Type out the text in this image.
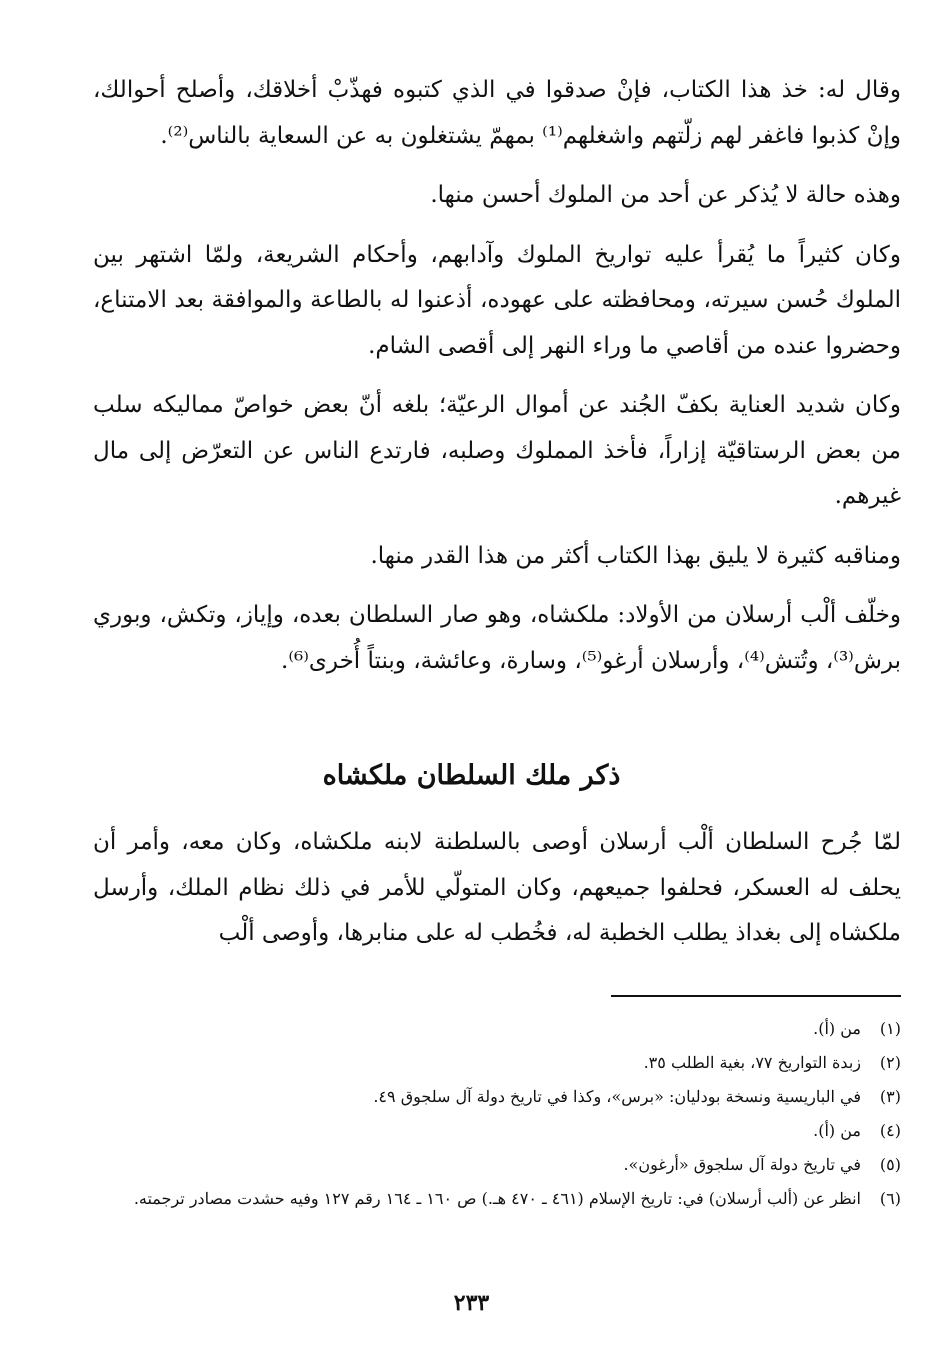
وقال له: خذ هذا الكتاب، فإنْ صدقوا في الذي كتبوه فهذّبْ أخلاقك، وأصلح أحوالك، وإنْ كذبوا فاغفر لهم زلّتهم واشغلهم⁽¹⁾ بمهمّ يشتغلون به عن السعاية بالناس⁽²⁾.

وهذه حالة لا يُذكر عن أحد من الملوك أحسن منها.

وكان كثيراً ما يُقرأ عليه تواريخ الملوك وآدابهم، وأحكام الشريعة، ولمّا اشتهر بين الملوك حُسن سيرته، ومحافظته على عهوده، أذعنوا له بالطاعة والموافقة بعد الامتناع، وحضروا عنده من أقاصي ما وراء النهر إلى أقصى الشام.

وكان شديد العناية بكفّ الجُند عن أموال الرعيّة؛ بلغه أنّ بعض خواصّ مماليكه سلب من بعض الرستاقيّة إزاراً، فأخذ المملوك وصلبه، فارتدع الناس عن التعرّض إلى مال غيرهم.

ومناقبه كثيرة لا يليق بهذا الكتاب أكثر من هذا القدر منها.

وخلّف ألْب أرسلان من الأولاد: ملكشاه، وهو صار السلطان بعده، وإياز، وتكش، وبوري برش⁽³⁾، وتُتش⁽⁴⁾، وأرسلان أرغو⁽⁵⁾، وسارة، وعائشة، وبنتاً أُخرى⁽⁶⁾.

ذكر ملك السلطان ملكشاه

لمّا جُرح السلطان ألْب أرسلان أوصى بالسلطنة لابنه ملكشاه، وكان معه، وأمر أن يحلف له العسكر، فحلفوا جميعهم، وكان المتولّي للأمر في ذلك نظام الملك، وأرسل ملكشاه إلى بغداذ يطلب الخطبة له، فخُطب له على منابرها، وأوصى ألْب

(١)
من (أ).
(٢)
زبدة التواريخ ٧٧، بغية الطلب ٣٥.
(٣)
في الباريسية ونسخة بودليان: «برس»، وكذا في تاريخ دولة آل سلجوق ٤٩.
(٤)
من (أ).
(٥)
في تاريخ دولة آل سلجوق «أرغون».
(٦)
انظر عن (ألب أرسلان) في: تاريخ الإسلام (٤٦١ ـ ٤٧٠ هـ.) ص ١٦٠ ـ ١٦٤ رقم ١٢٧ وفيه حشدت مصادر ترجمته.
٢٣٣
